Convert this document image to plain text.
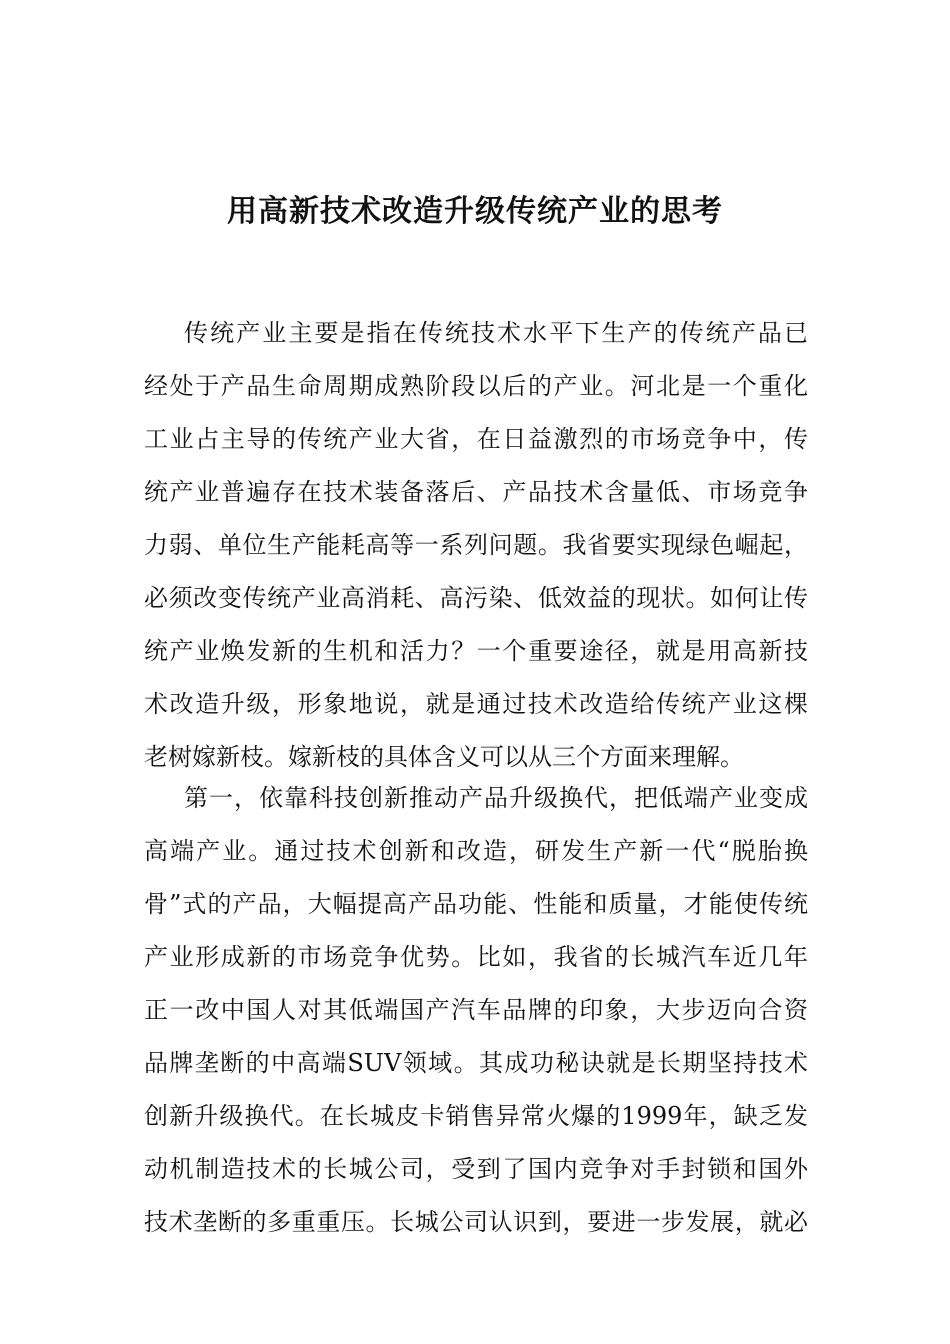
用高新技术改造升级传统产业的思考
传统产业主要是指在传统技术水平下生产的传统产品已
经处于产品生命周期成熟阶段以后的产业。河北是一个重化
工业占主导的传统产业大省，在日益激烈的市场竞争中，传
统产业普遍存在技术装备落后、产品技术含量低、市场竞争
力弱、单位生产能耗高等一系列问题。我省要实现绿色崛起，
必须改变传统产业高消耗、高污染、低效益的现状。如何让传
统产业焕发新的生机和活力？一个重要途径，就是用高新技
术改造升级，形象地说，就是通过技术改造给传统产业这棵
老树嫁新枝。嫁新枝的具体含义可以从三个方面来理解。
第一，依靠科技创新推动产品升级换代，把低端产业变成
高端产业。通过技术创新和改造，研发生产新一代“脱胎换
骨”式的产品，大幅提高产品功能、性能和质量，才能使传统
产业形成新的市场竞争优势。比如，我省的长城汽车近几年
正一改中国人对其低端国产汽车品牌的印象，大步迈向合资
品牌垄断的中高端SUV领域。其成功秘诀就是长期坚持技术
创新升级换代。在长城皮卡销售异常火爆的1999年，缺乏发
动机制造技术的长城公司，受到了国内竞争对手封锁和国外
技术垄断的多重重压。长城公司认识到，要进一步发展，就必
